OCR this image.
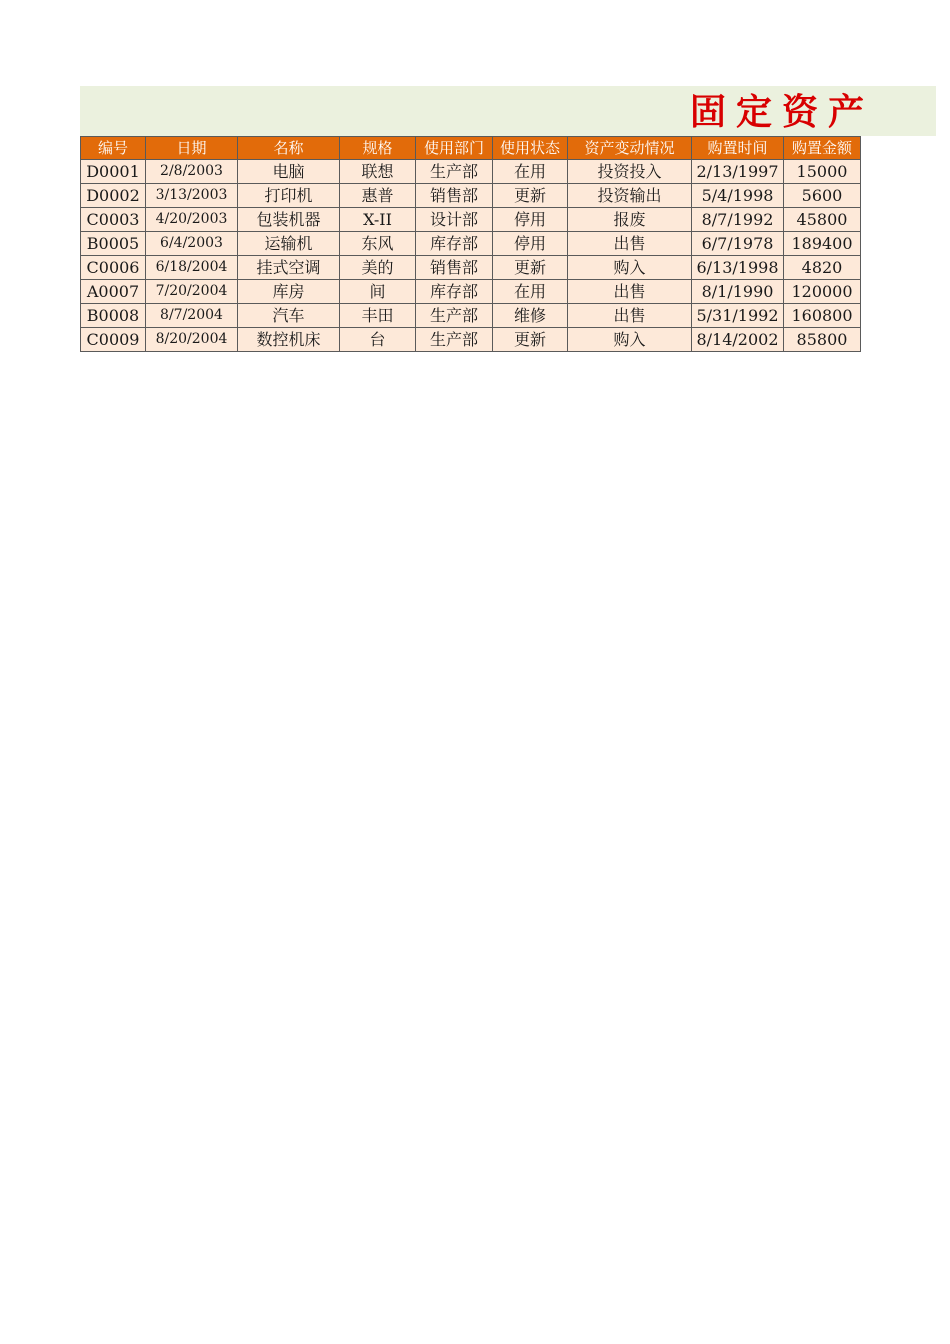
固定资产
编号	日期	名称	规格	使用部门	使用状态	资产变动情况	购置时间	购置金额
D0001	2/8/2003	电脑	联想	生产部	在用	投资投入	2/13/1997	15000
D0002	3/13/2003	打印机	惠普	销售部	更新	投资输出	5/4/1998	5600
C0003	4/20/2003	包装机器	X-II	设计部	停用	报废	8/7/1992	45800
B0005	6/4/2003	运输机	东风	库存部	停用	出售	6/7/1978	189400
C0006	6/18/2004	挂式空调	美的	销售部	更新	购入	6/13/1998	4820
A0007	7/20/2004	库房	间	库存部	在用	出售	8/1/1990	120000
B0008	8/7/2004	汽车	丰田	生产部	维修	出售	5/31/1992	160800
C0009	8/20/2004	数控机床	台	生产部	更新	购入	8/14/2002	85800
